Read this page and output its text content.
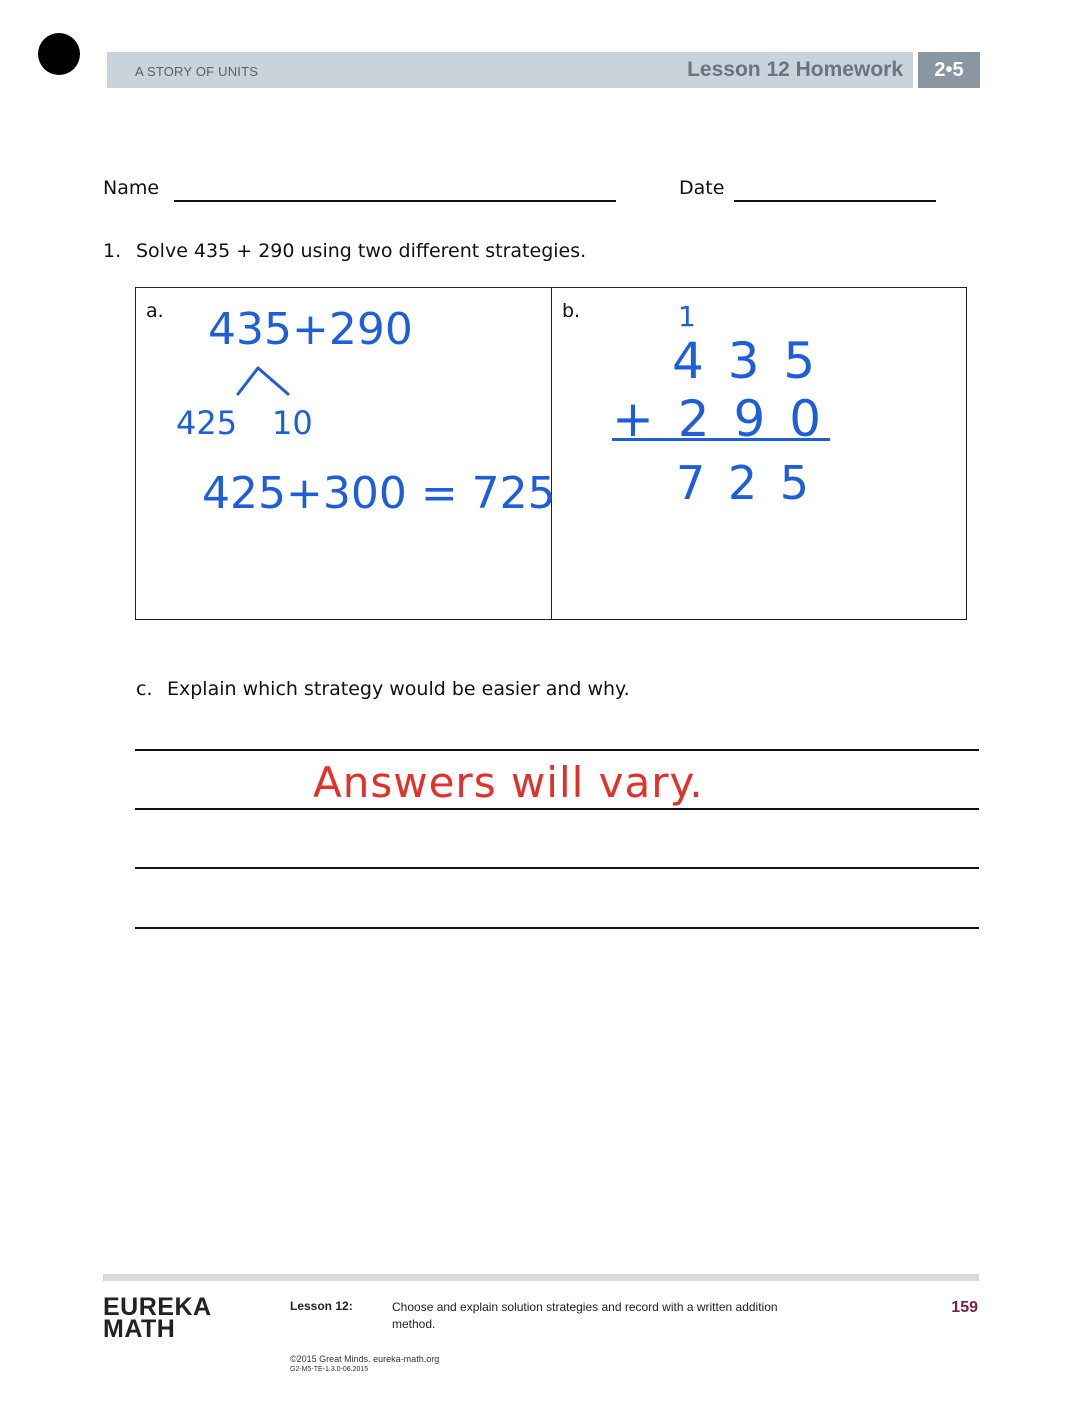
A STORY OF UNITS	Lesson 12 Homework	2•5
Name	Date
1. Solve 435 + 290 using two different strategies.
a.	b.
435+290
425 10
425+300 = 725
1
4 3 5
+ 2 9 0
7 2 5
c. Explain which strategy would be easier and why.
Answers will vary.
EUREKA
MATH
Lesson 12:	Choose and explain solution strategies and record with a written addition method.
159
©2015 Great Minds. eureka-math.org
G2-M5-TE-1.3.0-06.2015
